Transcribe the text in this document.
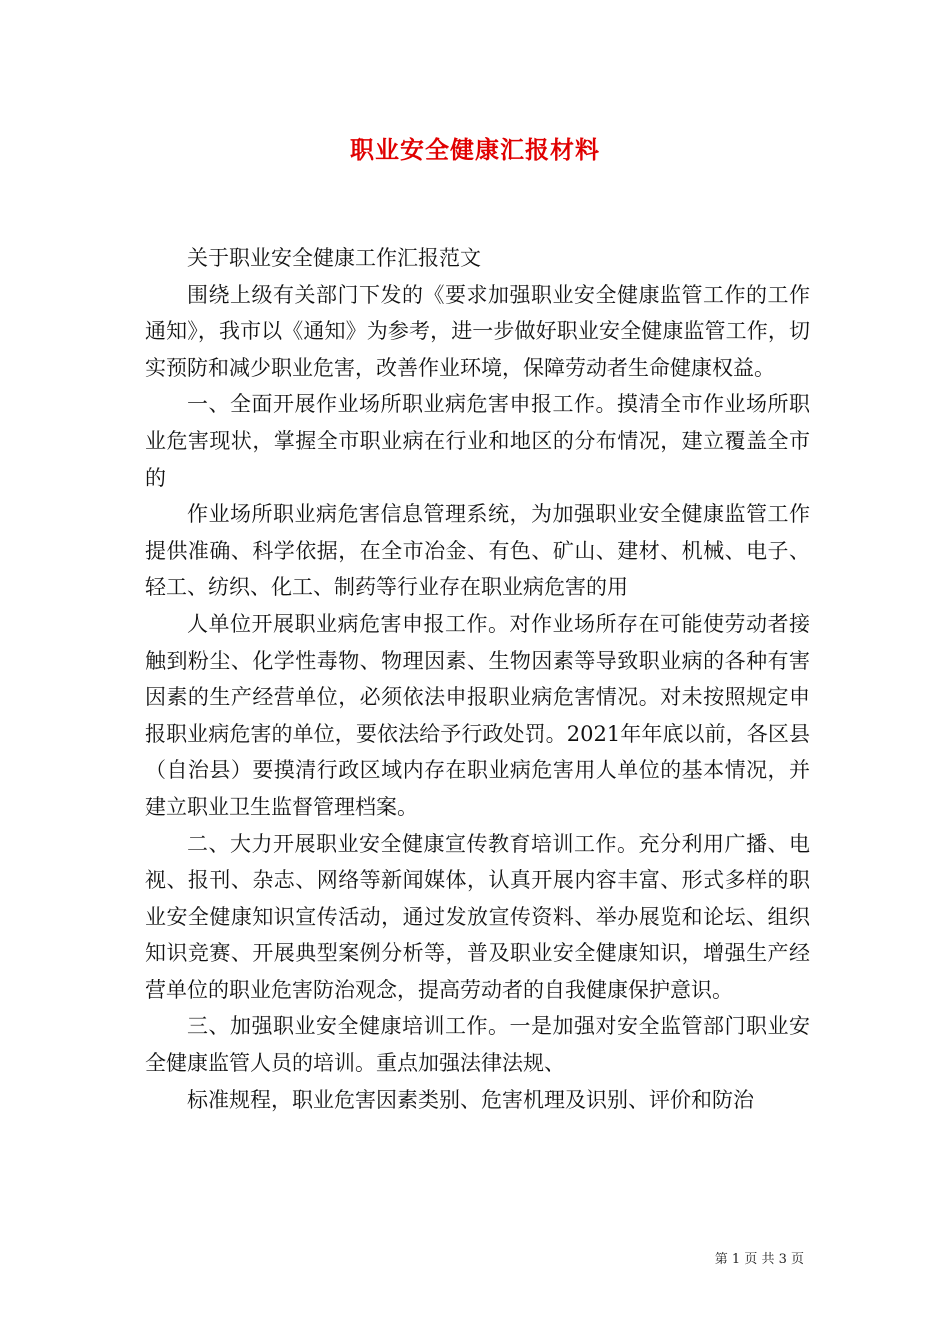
职业安全健康汇报材料

关于职业安全健康工作汇报范文

围绕上级有关部门下发的《要求加强职业安全健康监管工作的工作通知》，我市以《通知》为参考，进一步做好职业安全健康监管工作，切实预防和减少职业危害，改善作业环境，保障劳动者生命健康权益。

一、全面开展作业场所职业病危害申报工作。摸清全市作业场所职业危害现状，掌握全市职业病在行业和地区的分布情况，建立覆盖全市的

作业场所职业病危害信息管理系统，为加强职业安全健康监管工作提供准确、科学依据，在全市冶金、有色、矿山、建材、机械、电子、轻工、纺织、化工、制药等行业存在职业病危害的用

人单位开展职业病危害申报工作。对作业场所存在可能使劳动者接触到粉尘、化学性毒物、物理因素、生物因素等导致职业病的各种有害因素的生产经营单位，必须依法申报职业病危害情况。对未按照规定申报职业病危害的单位，要依法给予行政处罚。2021年年底以前，各区县（自治县）要摸清行政区域内存在职业病危害用人单位的基本情况，并建立职业卫生监督管理档案。

二、大力开展职业安全健康宣传教育培训工作。充分利用广播、电视、报刊、杂志、网络等新闻媒体，认真开展内容丰富、形式多样的职业安全健康知识宣传活动，通过发放宣传资料、举办展览和论坛、组织知识竞赛、开展典型案例分析等，普及职业安全健康知识，增强生产经营单位的职业危害防治观念，提高劳动者的自我健康保护意识。

三、加强职业安全健康培训工作。一是加强对安全监管部门职业安全健康监管人员的培训。重点加强法律法规、

标准规程，职业危害因素类别、危害机理及识别、评价和防治

第 1 页 共 3 页
